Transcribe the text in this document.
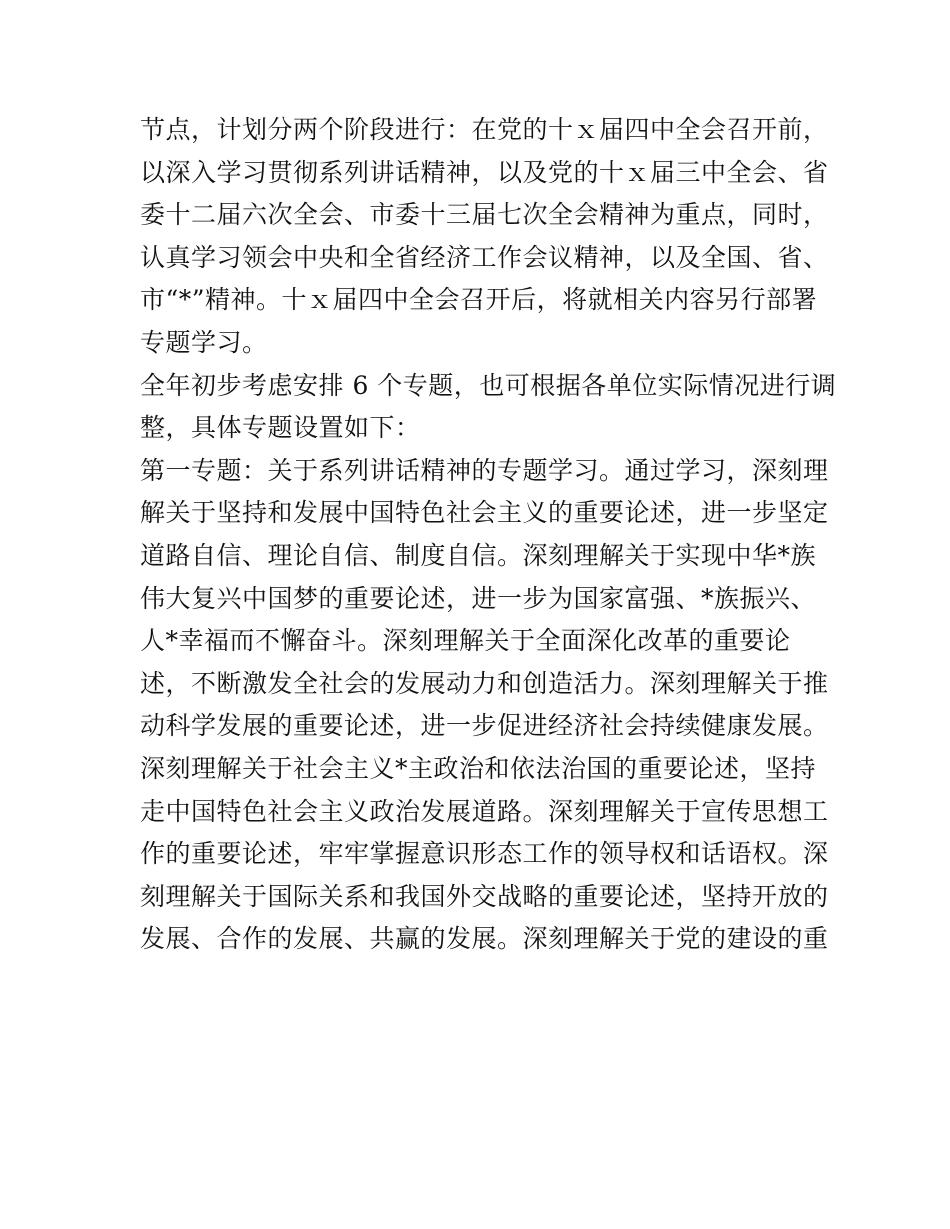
节点，计划分两个阶段进行：在党的十ｘ届四中全会召开前，
以深入学习贯彻系列讲话精神，以及党的十ｘ届三中全会、省
委十二届六次全会、市委十三届七次全会精神为重点，同时，
认真学习领会中央和全省经济工作会议精神，以及全国、省、
市“*”精神。十ｘ届四中全会召开后，将就相关内容另行部署
专题学习。
全年初步考虑安排 6 个专题，也可根据各单位实际情况进行调
整，具体专题设置如下：
第一专题：关于系列讲话精神的专题学习。通过学习，深刻理
解关于坚持和发展中国特色社会主义的重要论述，进一步坚定
道路自信、理论自信、制度自信。深刻理解关于实现中华*族
伟大复兴中国梦的重要论述，进一步为国家富强、*族振兴、
人*幸福而不懈奋斗。深刻理解关于全面深化改革的重要论
述，不断激发全社会的发展动力和创造活力。深刻理解关于推
动科学发展的重要论述，进一步促进经济社会持续健康发展。
深刻理解关于社会主义*主政治和依法治国的重要论述，坚持
走中国特色社会主义政治发展道路。深刻理解关于宣传思想工
作的重要论述，牢牢掌握意识形态工作的领导权和话语权。深
刻理解关于国际关系和我国外交战略的重要论述，坚持开放的
发展、合作的发展、共赢的发展。深刻理解关于党的建设的重
